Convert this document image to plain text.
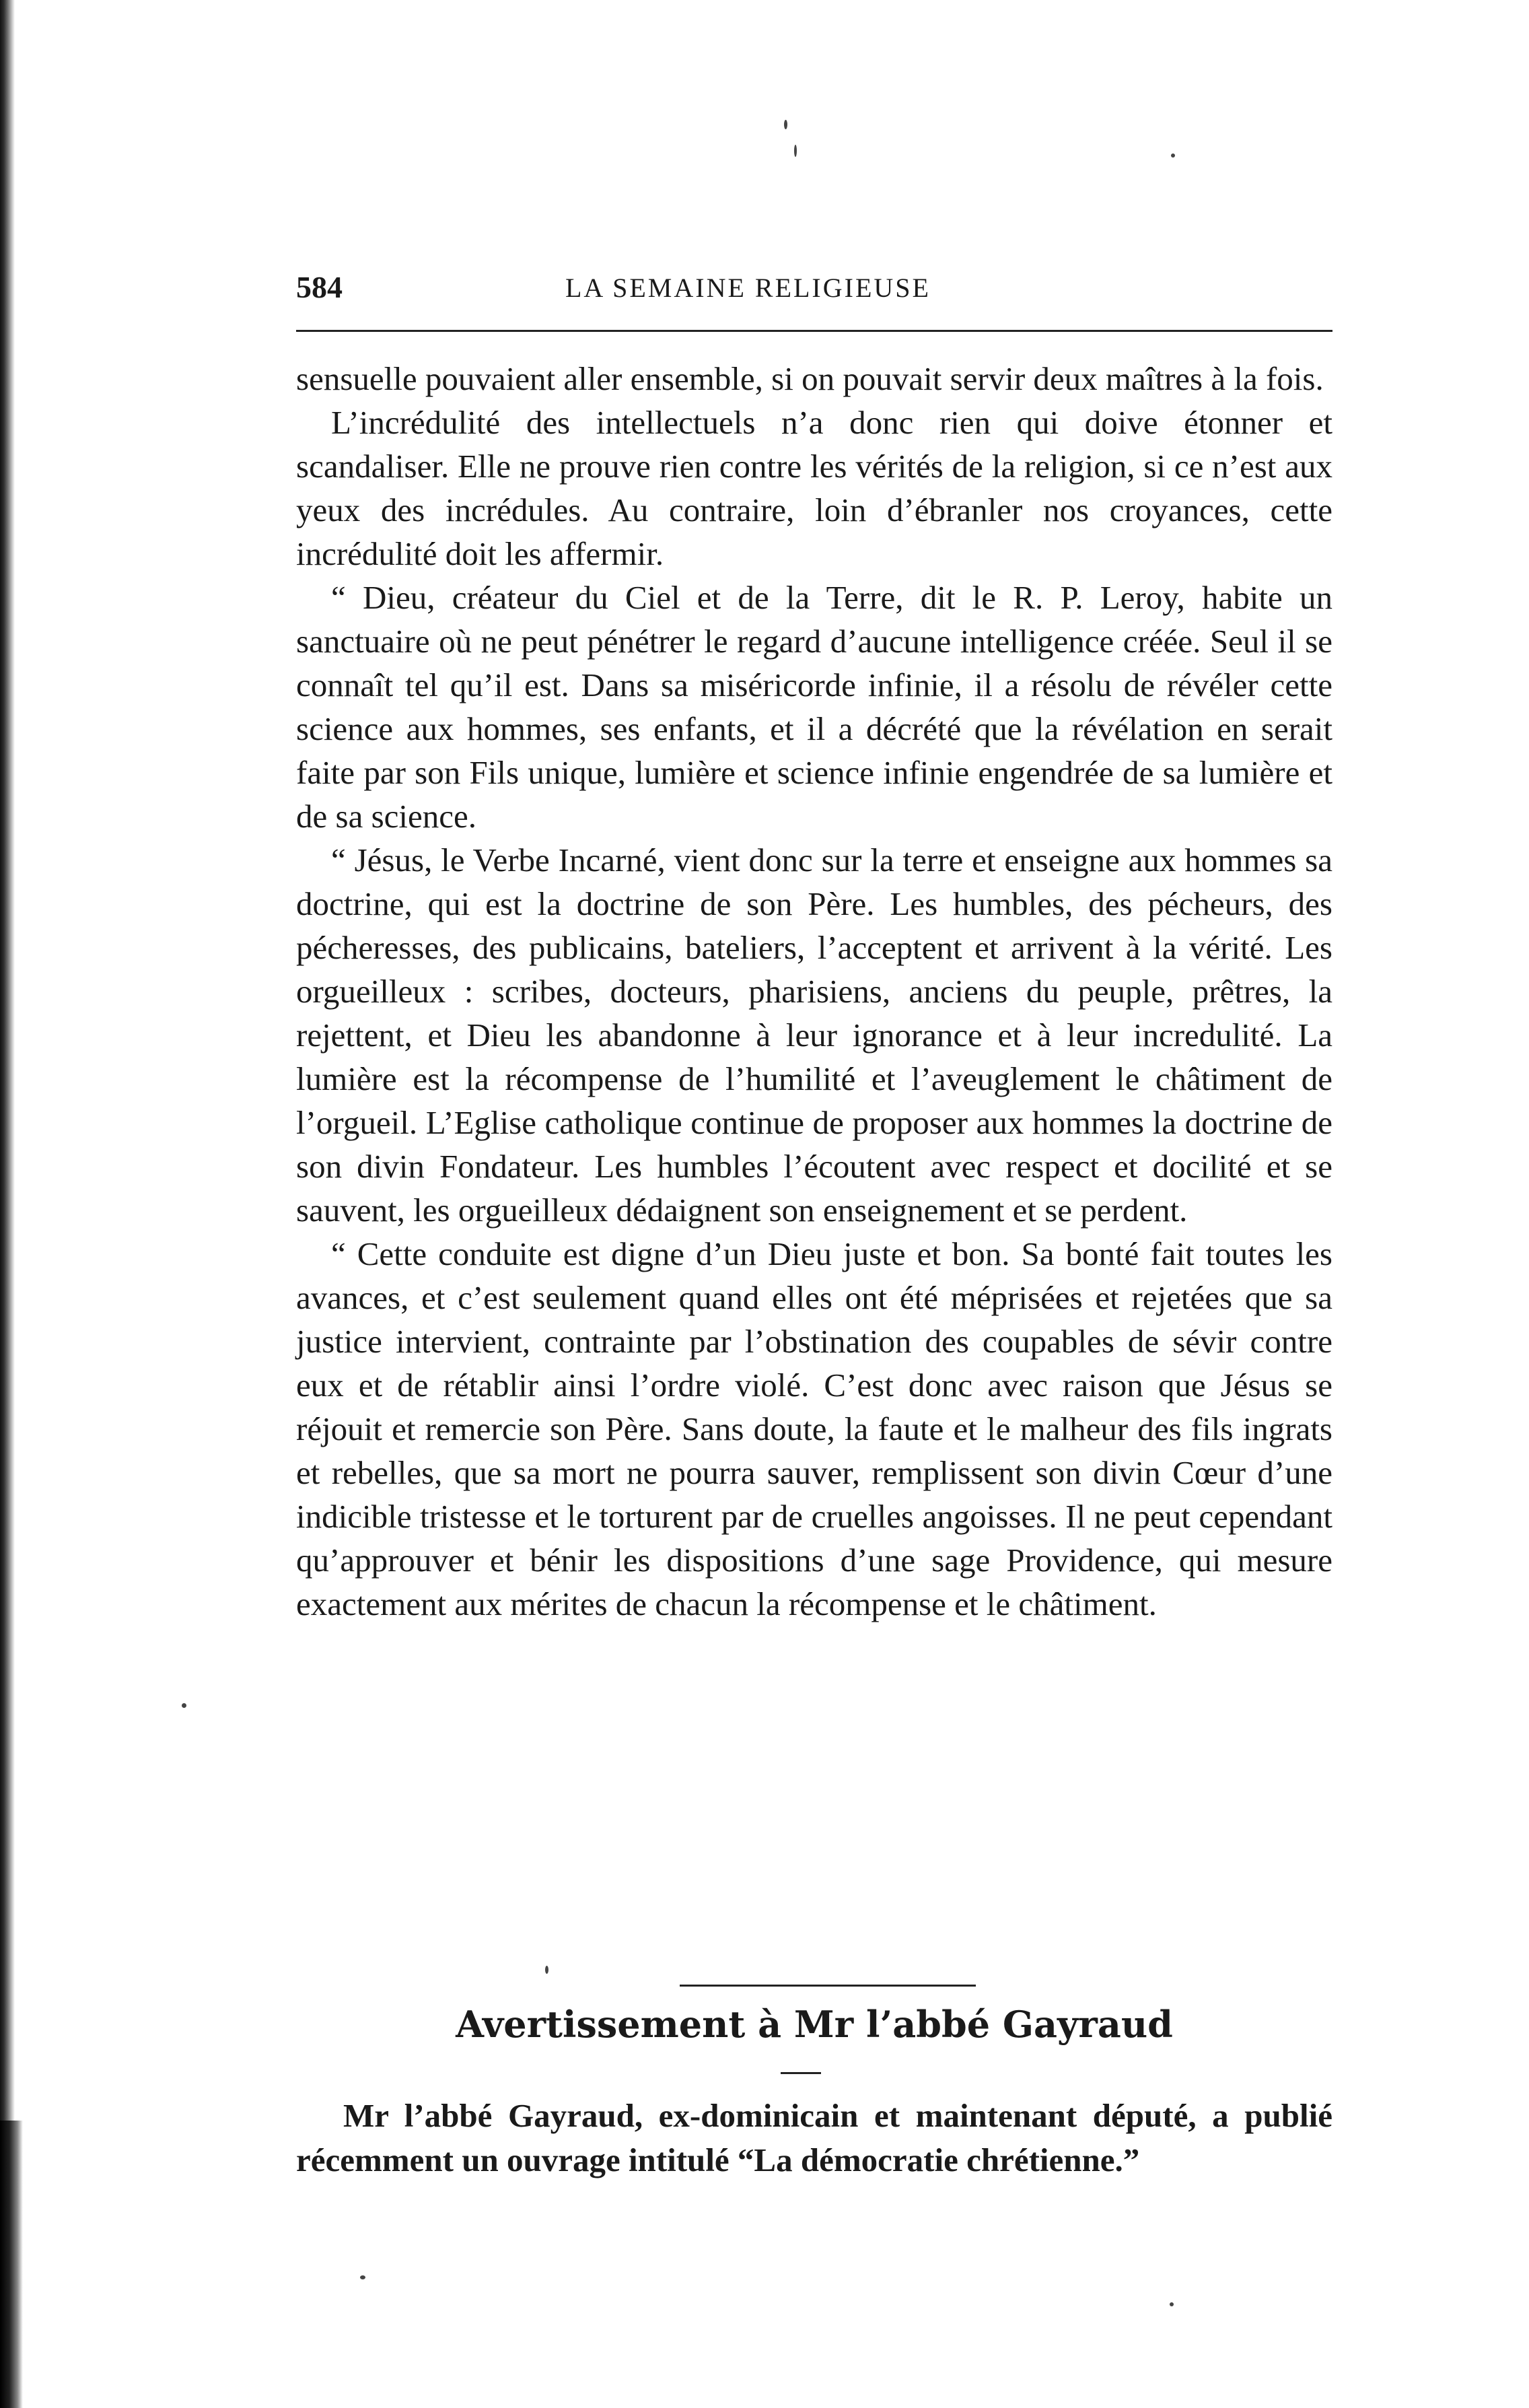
584	LA SEMAINE RELIGIEUSE

sensuelle pouvaient aller ensemble, si on pouvait servir deux maîtres à la fois.

L’incrédulité des intellectuels n’a donc rien qui doive étonner et scandaliser. Elle ne prouve rien contre les vérités de la religion, si ce n’est aux yeux des incrédules. Au contraire, loin d’ébranler nos croyances, cette incrédulité doit les affermir.

“ Dieu, créateur du Ciel et de la Terre, dit le R. P. Leroy, habite un sanctuaire où ne peut pénétrer le regard d’aucune intelligence créée. Seul il se connaît tel qu’il est. Dans sa miséricorde infinie, il a résolu de révéler cette science aux hommes, ses enfants, et il a décrété que la révélation en serait faite par son Fils unique, lumière et science infinie engendrée de sa lumière et de sa science.

“ Jésus, le Verbe Incarné, vient donc sur la terre et enseigne aux hommes sa doctrine, qui est la doctrine de son Père. Les humbles, des pécheurs, des pécheresses, des publicains, bateliers, l’acceptent et arrivent à la vérité. Les orgueilleux : scribes, docteurs, pharisiens, anciens du peuple, prêtres, la rejettent, et Dieu les abandonne à leur ignorance et à leur incredulité. La lumière est la récompense de l’humilité et l’aveuglement le châtiment de l’orgueil. L’Eglise catholique continue de proposer aux hommes la doctrine de son divin Fondateur. Les humbles l’écoutent avec respect et docilité et se sauvent, les orgueilleux dédaignent son enseignement et se perdent.

“ Cette conduite est digne d’un Dieu juste et bon. Sa bonté fait toutes les avances, et c’est seulement quand elles ont été méprisées et rejetées que sa justice intervient, contrainte par l’obstination des coupables de sévir contre eux et de rétablir ainsi l’ordre violé. C’est donc avec raison que Jésus se réjouit et remercie son Père. Sans doute, la faute et le malheur des fils ingrats et rebelles, que sa mort ne pourra sauver, remplissent son divin Cœur d’une indicible tristesse et le torturent par de cruelles angoisses. Il ne peut cependant qu’approuver et bénir les dispositions d’une sage Providence, qui mesure exactement aux mérites de chacun la récompense et le châtiment.

Avertissement à Mr l’abbé Gayraud

Mr l’abbé Gayraud, ex-dominicain et maintenant député, a publié récemment un ouvrage intitulé “La démocratie chrétienne.”
